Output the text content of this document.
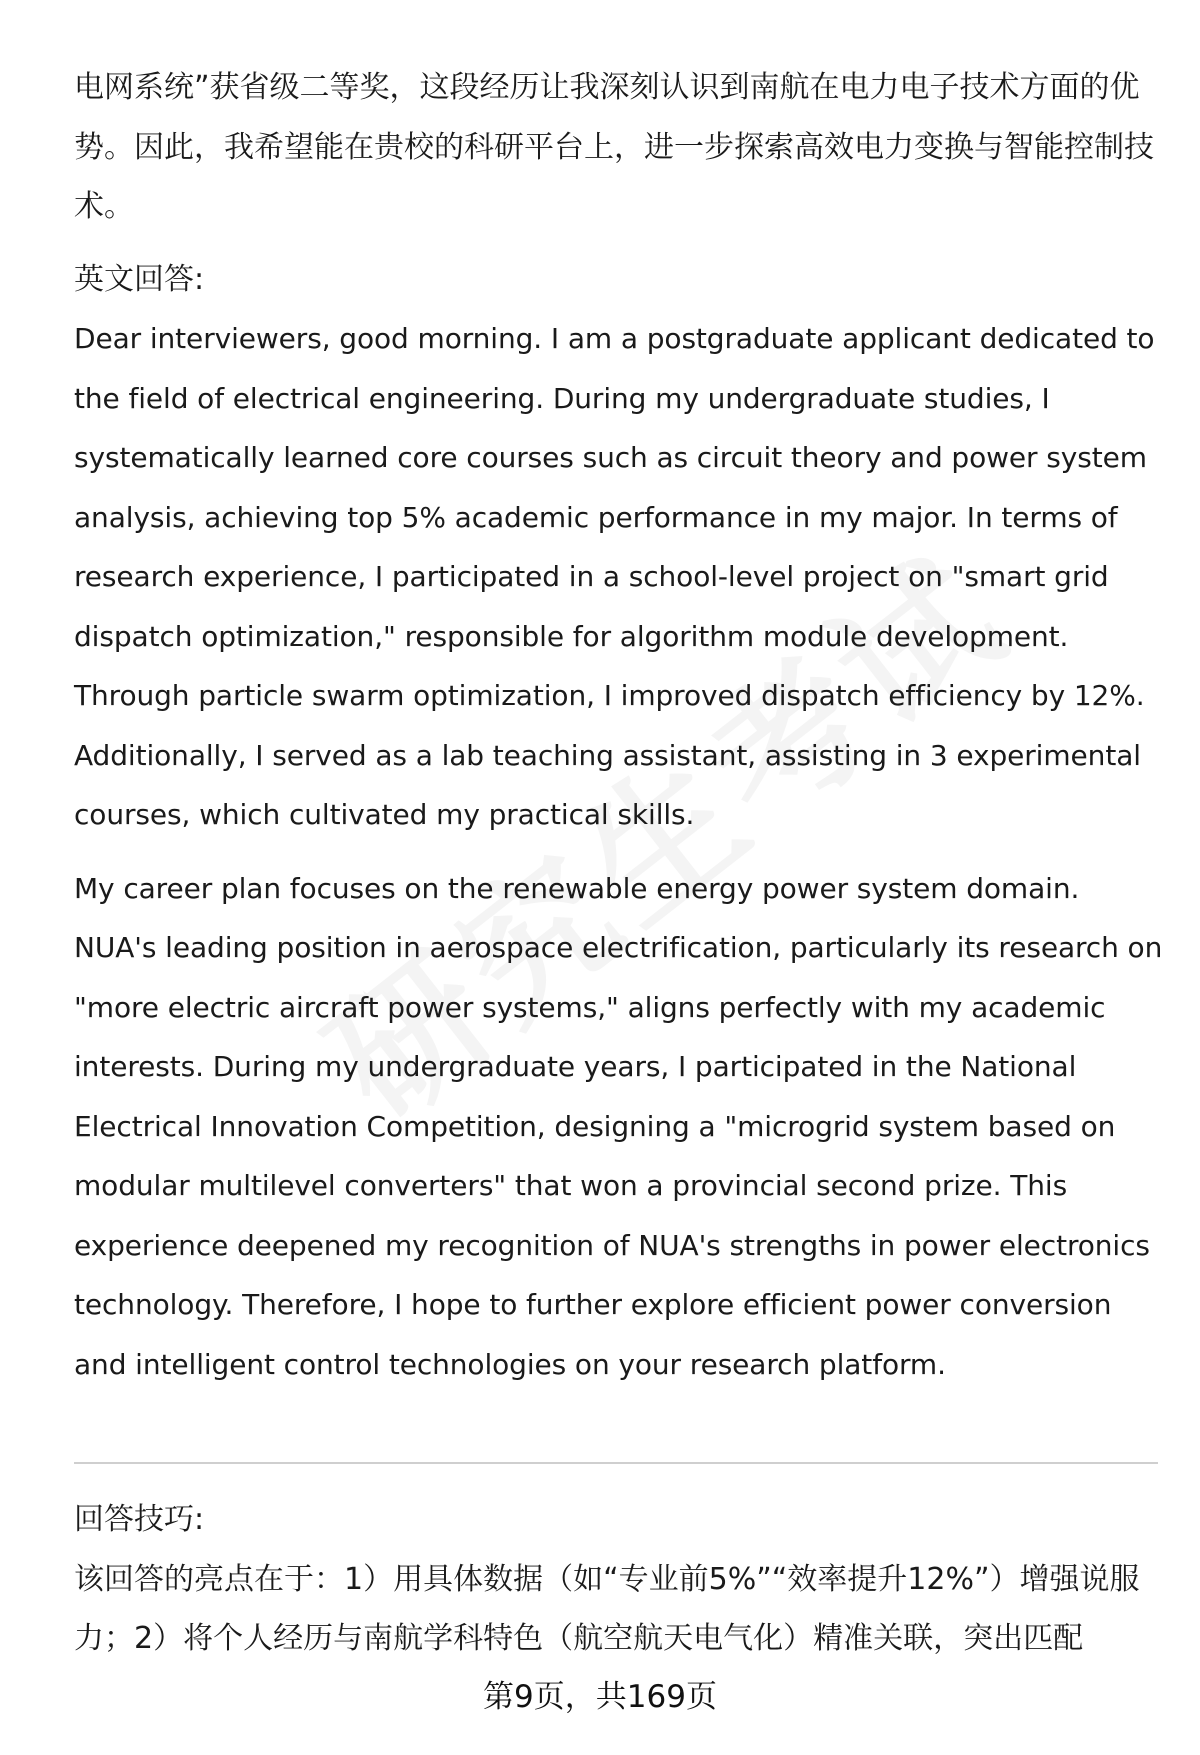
电网系统”获省级二等奖，这段经历让我深刻认识到南航在电力电子技术方面的优势。因此，我希望能在贵校的科研平台上，进一步探索高效电力变换与智能控制技术。

英文回答:

Dear interviewers, good morning. I am a postgraduate applicant dedicated to the field of electrical engineering. During my undergraduate studies, I systematically learned core courses such as circuit theory and power system analysis, achieving top 5% academic performance in my major. In terms of research experience, I participated in a school-level project on "smart grid dispatch optimization," responsible for algorithm module development. Through particle swarm optimization, I improved dispatch efficiency by 12%. Additionally, I served as a lab teaching assistant, assisting in 3 experimental courses, which cultivated my practical skills.

My career plan focuses on the renewable energy power system domain. NUA's leading position in aerospace electrification, particularly its research on "more electric aircraft power systems," aligns perfectly with my academic interests. During my undergraduate years, I participated in the National Electrical Innovation Competition, designing a "microgrid system based on modular multilevel converters" that won a provincial second prize. This experience deepened my recognition of NUA's strengths in power electronics technology. Therefore, I hope to further explore efficient power conversion and intelligent control technologies on your research platform.

回答技巧:

该回答的亮点在于：1）用具体数据（如“专业前5%”“效率提升12%”）增强说服力；2）将个人经历与南航学科特色（航空航天电气化）精准关联，突出匹配

第9页，共169页
